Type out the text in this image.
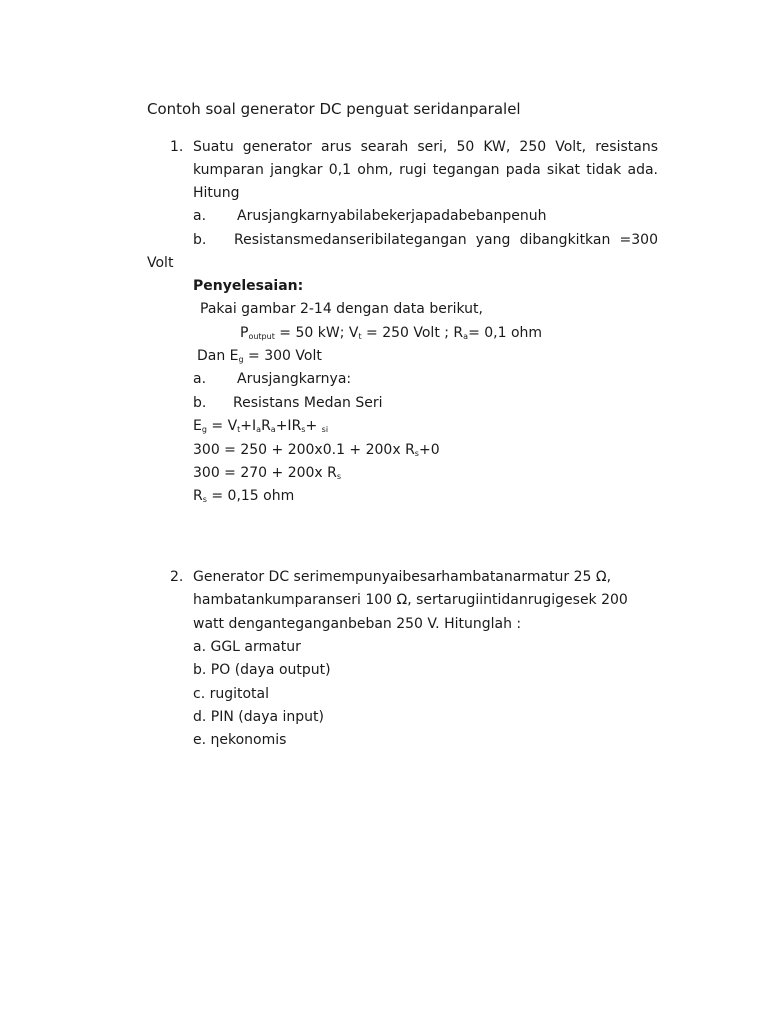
Contoh soal generator DC penguat seridanparalel
1. Suatu generator arus searah seri, 50 KW, 250 Volt, resistans
kumparan jangkar 0,1 ohm, rugi tegangan pada sikat tidak ada.
Hitung
a. Arusjangkarnyabilabekerjapadabebanpenuh
b. Resistansmedanseribilategangan yang dibangkitkan =300
Volt
Penyelesaian:
Pakai gambar 2-14 dengan data berikut,
$P_{output} = 50$ kW; $V_t = 250$ Volt ; $R_a= 0,1$ ohm
Dan $E_g = 300$ Volt
a. Arusjangkarnya:
b. Resistans Medan Seri
$E_g = V_t+I_aR_a+IR_s+ _{si}$
300 = 250 + 200x0.1 + 200x $R_s+0$
300 = 270 + 200x $R_s$
$R_s = 0,15$ ohm
2. Generator DC serimempunyaibesarhambatanarmatur 25 Ω,
hambatankumparanseri 100 Ω, sertarugiintidanrugigesek 200
watt denganteganganbeban 250 V. Hitunglah :
a. GGL armatur
b. PO (daya output)
c. rugitotal
d. PIN (daya input)
e. ηekonomis
